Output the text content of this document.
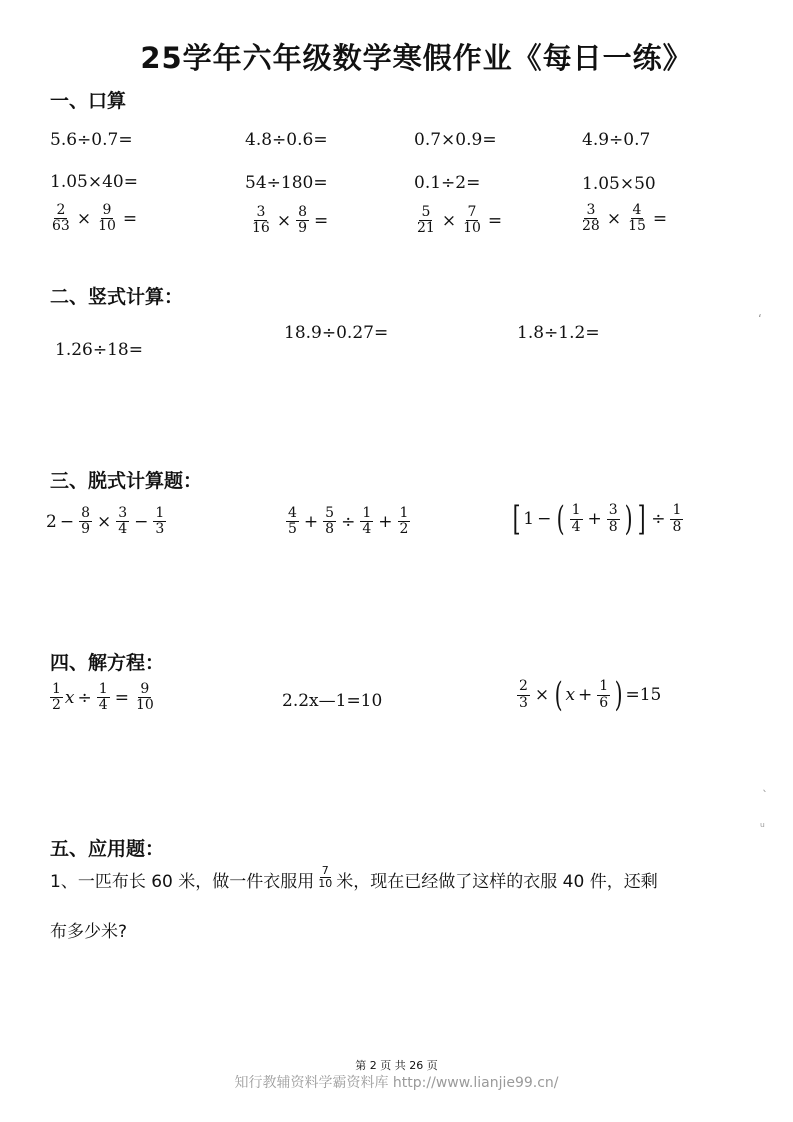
25学年六年级数学寒假作业《每日一练》
一、口算
5.6÷0.7=	4.8÷0.6=	0.7×0.9=	4.9÷0.7
1.05×40=	54÷180=	0.1÷2=	1.05×50
$\frac{2}{63} \times \frac{9}{10}$ =	$\frac{3}{16} \times \frac{8}{9}$ =	$\frac{5}{21} \times \frac{7}{10}$ =	$\frac{3}{28} \times \frac{4}{15}$ =
二、竖式计算：
1.26÷18=
18.9÷0.27=	1.8÷1.2=
三、脱式计算题：
$2 - \frac{8}{9} \times \frac{3}{4} - \frac{1}{3}$	$\frac{4}{5} + \frac{5}{8} \div \frac{1}{4} + \frac{1}{2}$	[ 1 − ( $\frac{1}{4} + \frac{3}{8}$ ) ] ÷ $\frac{1}{8}$
四、解方程：
$\frac{1}{2}$ $x \div \frac{1}{4} = \frac{9}{10}$	2.2x—1=10	$\frac{2}{3}$ × ( $x + \frac{1}{6}$ ) =15
五、应用题：
1、一匹布长 60 米，做一件衣服用 $\frac{7}{10}$ 米，现在已经做了这样的衣服 40 件，还剩
布多少米?
ʻ
ˎ
ᵤ
第 2 页 共 26 页
知行教辅资料学霸资料库 http://www.lianjie99.cn/
